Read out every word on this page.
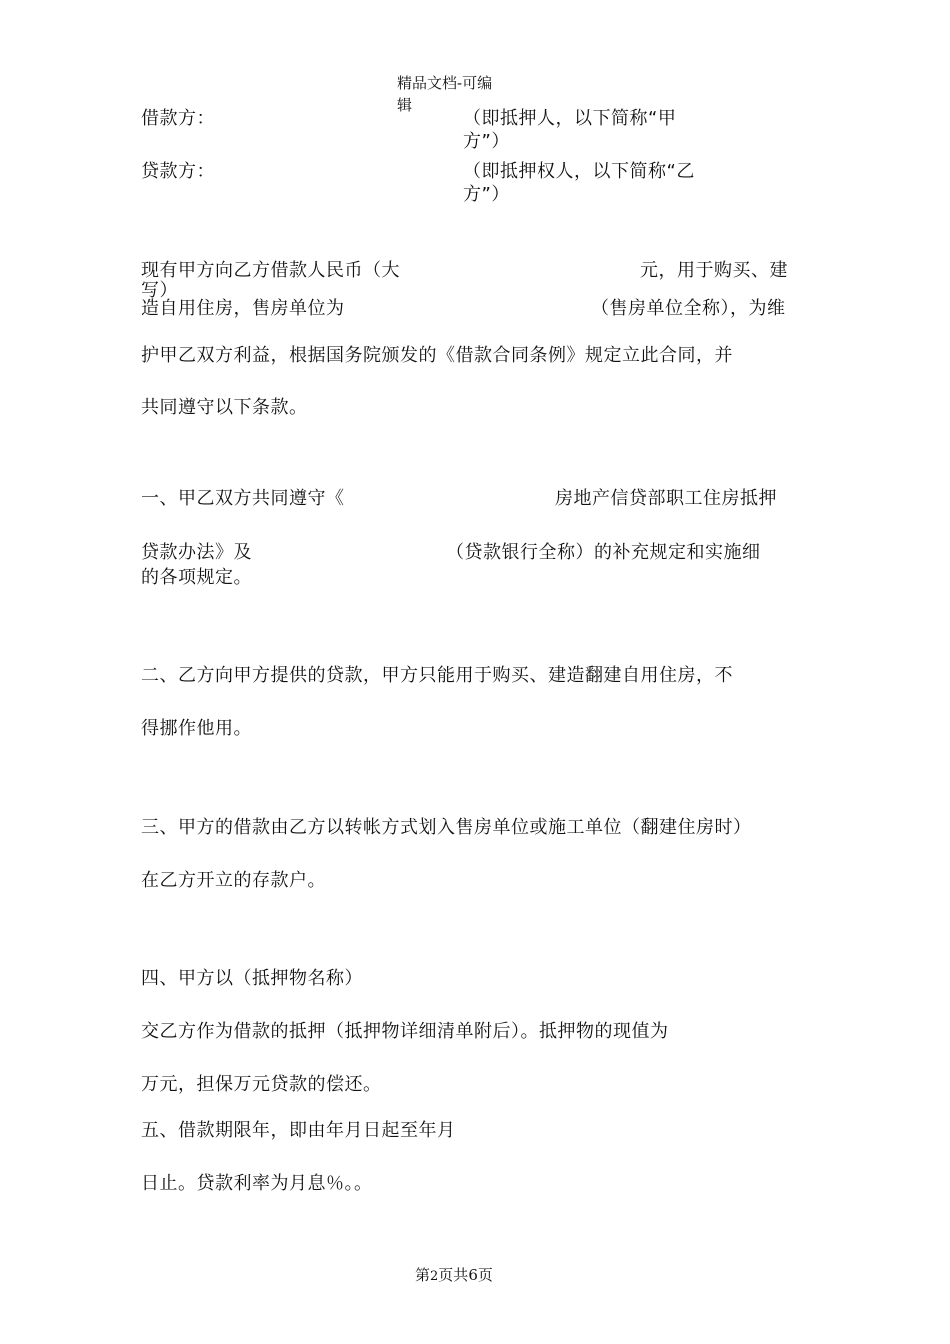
精品文档-可编
辑
借款方：	（即抵押人，以下简称“甲
方”）
贷款方：	（即抵押权人，以下简称“乙
方”）
现有甲方向乙方借款人民币（大
写）
元，用于购买、建
造自用住房，售房单位为	（售房单位全称），为维
护甲乙双方利益，根据国务院颁发的《借款合同条例》规定立此合同，并
共同遵守以下条款。
一、甲乙双方共同遵守《	房地产信贷部职工住房抵押
贷款办法》及	（贷款银行全称）的补充规定和实施细
的各项规定。
二、乙方向甲方提供的贷款，甲方只能用于购买、建造翻建自用住房，不
得挪作他用。
三、甲方的借款由乙方以转帐方式划入售房单位或施工单位（翻建住房时）
在乙方开立的存款户。
四、甲方以（抵押物名称）
交乙方作为借款的抵押（抵押物详细清单附后）。抵押物的现值为
万元，担保万元贷款的偿还。
五、借款期限年，即由年月日起至年月
日止。贷款利率为月息％。。
第2页共6页
